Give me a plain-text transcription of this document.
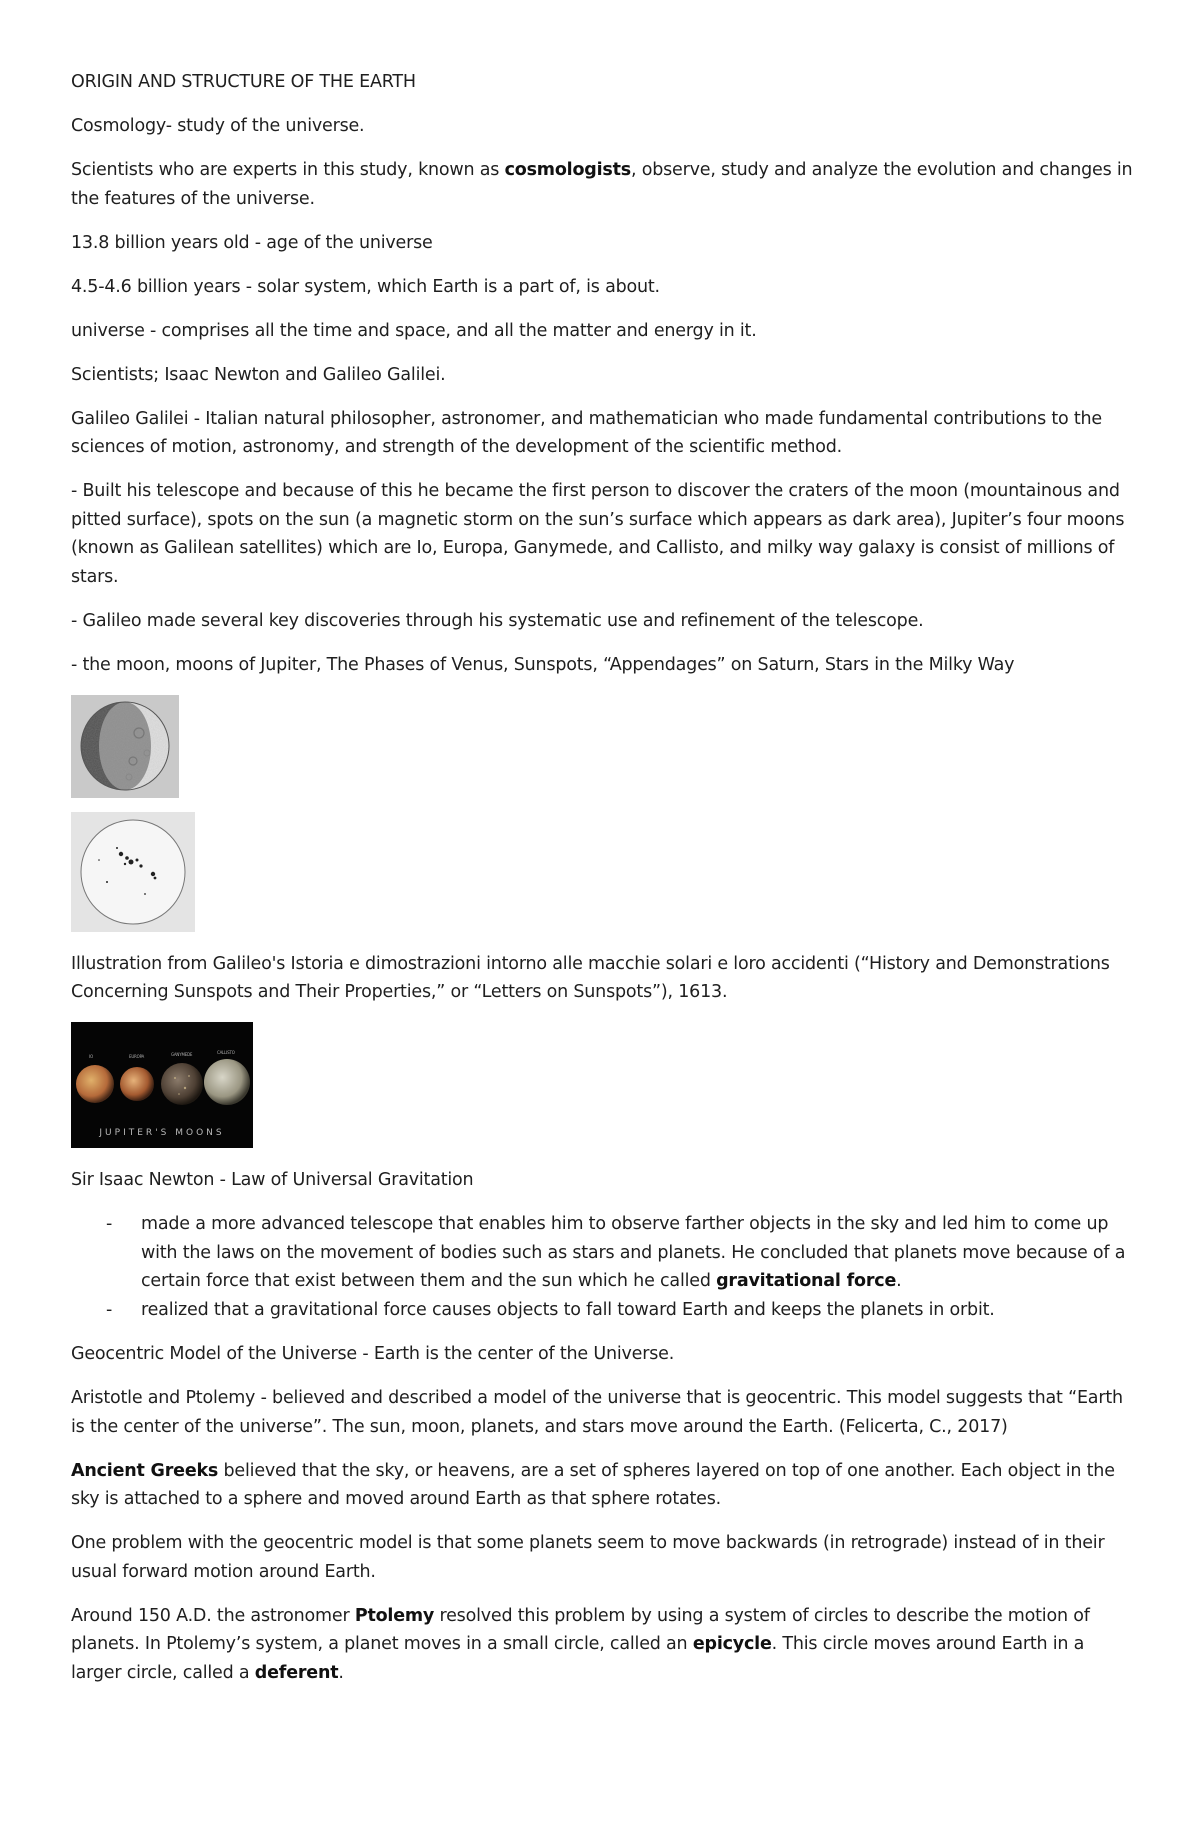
ORIGIN AND STRUCTURE OF THE EARTH

Cosmology- study of the universe.

Scientists who are experts in this study, known as cosmologists, observe, study and analyze the evolution and changes in the features of the universe.

13.8 billion years old - age of the universe

4.5-4.6 billion years - solar system, which Earth is a part of, is about.

universe - comprises all the time and space, and all the matter and energy in it.

Scientists; Isaac Newton and Galileo Galilei.

Galileo Galilei - Italian natural philosopher, astronomer, and mathematician who made fundamental contributions to the sciences of motion, astronomy, and strength of the development of the scientific method.

- Built his telescope and because of this he became the first person to discover the craters of the moon (mountainous and pitted surface), spots on the sun (a magnetic storm on the sun’s surface which appears as dark area), Jupiter’s four moons (known as Galilean satellites) which are Io, Europa, Ganymede, and Callisto, and milky way galaxy is consist of millions of stars.

- Galileo made several key discoveries through his systematic use and refinement of the telescope.

- the moon, moons of Jupiter, The Phases of Venus, Sunspots, “Appendages” on Saturn, Stars in the Milky Way

Illustration from Galileo's Istoria e dimostrazioni intorno alle macchie solari e loro accidenti (“History and Demonstrations Concerning Sunspots and Their Properties,” or “Letters on Sunspots”), 1613.

IO	EUROPA	GANYMEDE	CALLISTO
JUPITER'S MOONS

Sir Isaac Newton - Law of Universal Gravitation

- made a more advanced telescope that enables him to observe farther objects in the sky and led him to come up with the laws on the movement of bodies such as stars and planets. He concluded that planets move because of a certain force that exist between them and the sun which he called gravitational force.
- realized that a gravitational force causes objects to fall toward Earth and keeps the planets in orbit.

Geocentric Model of the Universe - Earth is the center of the Universe.

Aristotle and Ptolemy - believed and described a model of the universe that is geocentric. This model suggests that “Earth is the center of the universe”. The sun, moon, planets, and stars move around the Earth. (Felicerta, C., 2017)

Ancient Greeks believed that the sky, or heavens, are a set of spheres layered on top of one another. Each object in the sky is attached to a sphere and moved around Earth as that sphere rotates.

One problem with the geocentric model is that some planets seem to move backwards (in retrograde) instead of in their usual forward motion around Earth.

Around 150 A.D. the astronomer Ptolemy resolved this problem by using a system of circles to describe the motion of planets. In Ptolemy’s system, a planet moves in a small circle, called an epicycle. This circle moves around Earth in a larger circle, called a deferent.
